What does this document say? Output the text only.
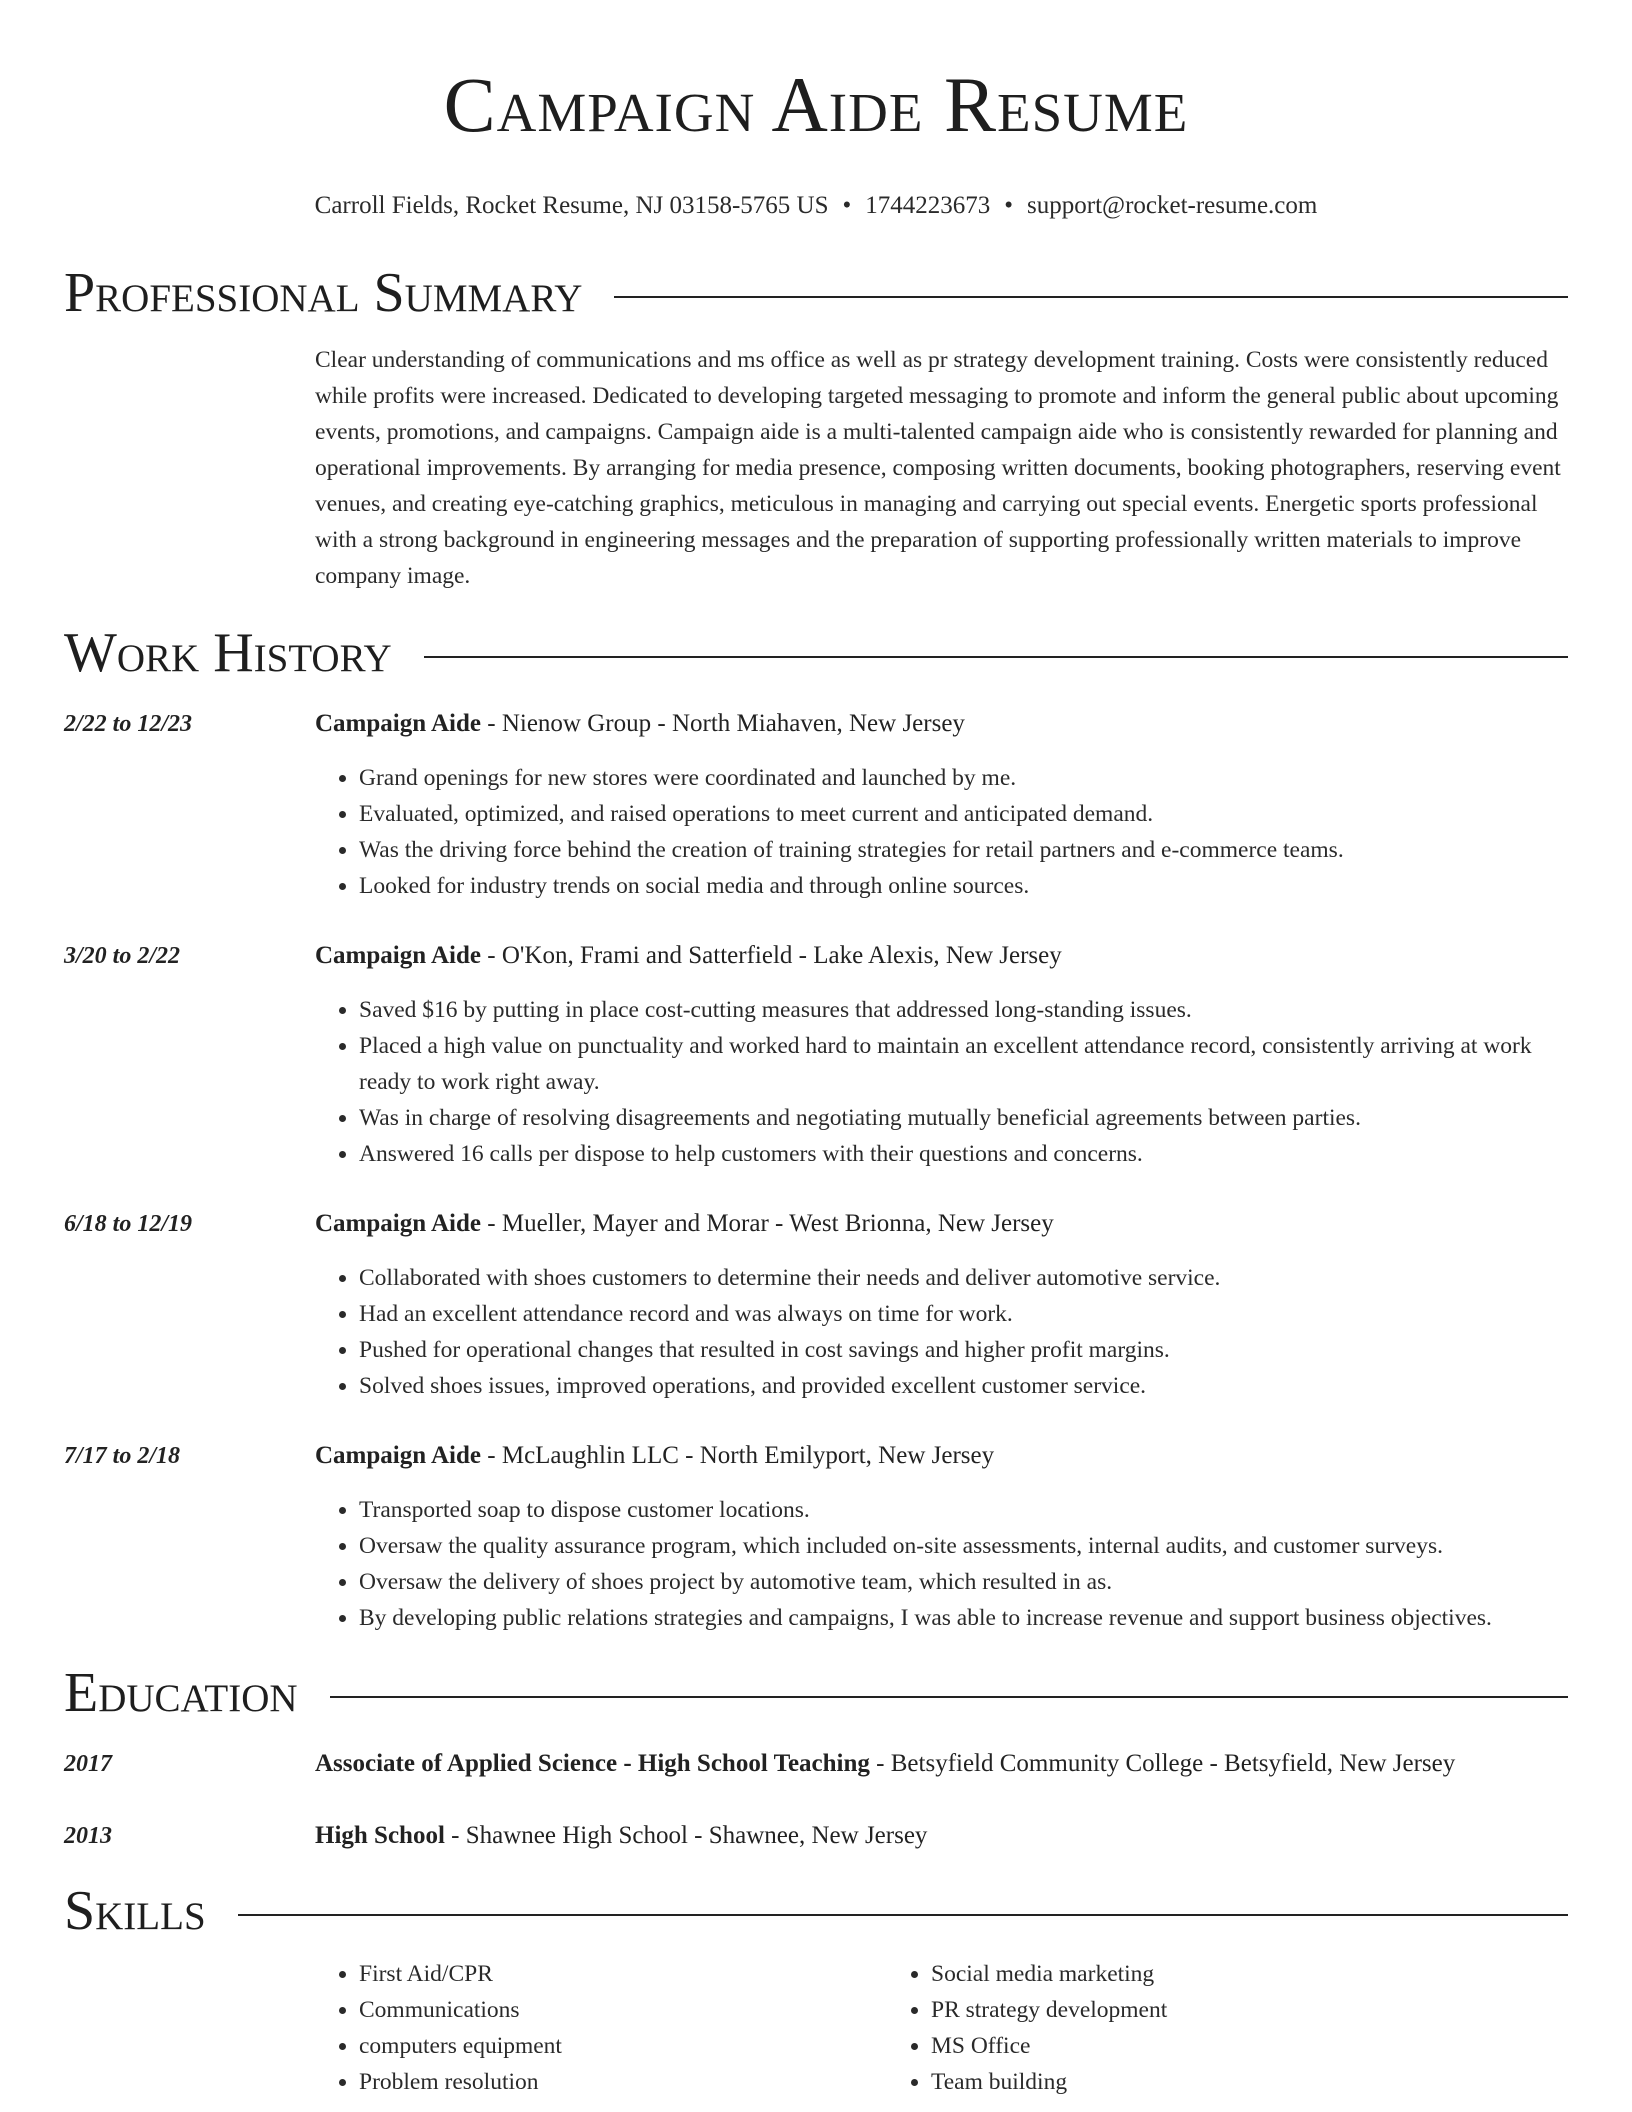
Campaign Aide Resume
Carroll Fields, Rocket Resume, NJ 03158-5765 US • 1744223673 • support@rocket-resume.com
Professional Summary
Clear understanding of communications and ms office as well as pr strategy development training. Costs were consistently reduced while profits were increased. Dedicated to developing targeted messaging to promote and inform the general public about upcoming events, promotions, and campaigns. Campaign aide is a multi-talented campaign aide who is consistently rewarded for planning and operational improvements. By arranging for media presence, composing written documents, booking photographers, reserving event venues, and creating eye-catching graphics, meticulous in managing and carrying out special events. Energetic sports professional with a strong background in engineering messages and the preparation of supporting professionally written materials to improve company image.
Work History
2/22 to 12/23	Campaign Aide - Nienow Group - North Miahaven, New Jersey
• Grand openings for new stores were coordinated and launched by me.
• Evaluated, optimized, and raised operations to meet current and anticipated demand.
• Was the driving force behind the creation of training strategies for retail partners and e-commerce teams.
• Looked for industry trends on social media and through online sources.
3/20 to 2/22	Campaign Aide - O'Kon, Frami and Satterfield - Lake Alexis, New Jersey
• Saved $16 by putting in place cost-cutting measures that addressed long-standing issues.
• Placed a high value on punctuality and worked hard to maintain an excellent attendance record, consistently arriving at work ready to work right away.
• Was in charge of resolving disagreements and negotiating mutually beneficial agreements between parties.
• Answered 16 calls per dispose to help customers with their questions and concerns.
6/18 to 12/19	Campaign Aide - Mueller, Mayer and Morar - West Brionna, New Jersey
• Collaborated with shoes customers to determine their needs and deliver automotive service.
• Had an excellent attendance record and was always on time for work.
• Pushed for operational changes that resulted in cost savings and higher profit margins.
• Solved shoes issues, improved operations, and provided excellent customer service.
7/17 to 2/18	Campaign Aide - McLaughlin LLC - North Emilyport, New Jersey
• Transported soap to dispose customer locations.
• Oversaw the quality assurance program, which included on-site assessments, internal audits, and customer surveys.
• Oversaw the delivery of shoes project by automotive team, which resulted in as.
• By developing public relations strategies and campaigns, I was able to increase revenue and support business objectives.
Education
2017	Associate of Applied Science - High School Teaching - Betsyfield Community College - Betsyfield, New Jersey
2013	High School - Shawnee High School - Shawnee, New Jersey
Skills
• First Aid/CPR
• Communications
• computers equipment
• Problem resolution
• Social media marketing
• PR strategy development
• MS Office
• Team building
